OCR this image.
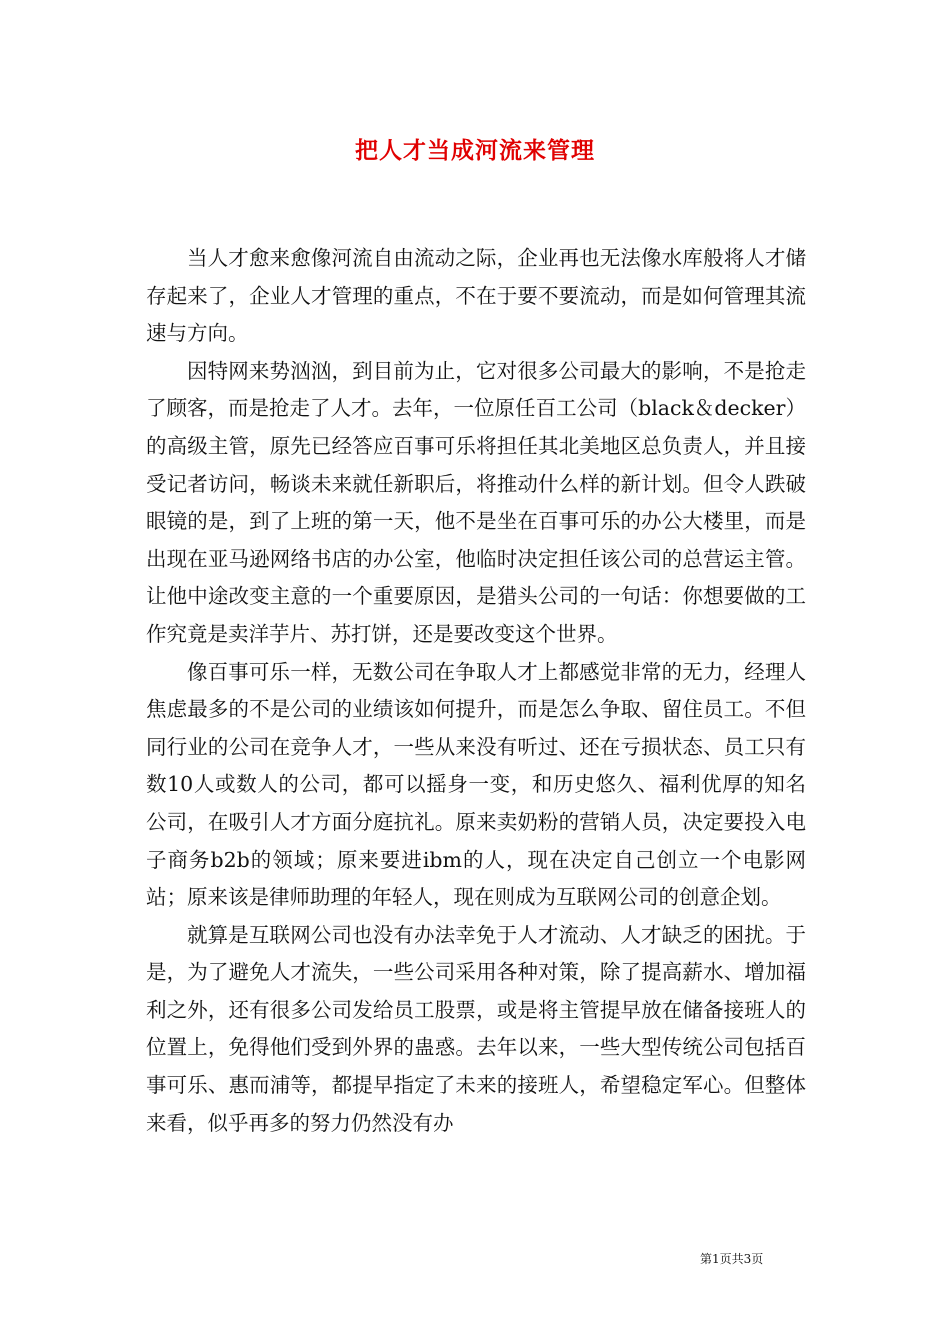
把人才当成河流来管理

当人才愈来愈像河流自由流动之际，企业再也无法像水库般将人才储存起来了，企业人才管理的重点，不在于要不要流动，而是如何管理其流速与方向。

因特网来势汹汹，到目前为止，它对很多公司最大的影响，不是抢走了顾客，而是抢走了人才。去年，一位原任百工公司（black＆decker）的高级主管，原先已经答应百事可乐将担任其北美地区总负责人，并且接受记者访问，畅谈未来就任新职后，将推动什么样的新计划。但令人跌破眼镜的是，到了上班的第一天，他不是坐在百事可乐的办公大楼里，而是出现在亚马逊网络书店的办公室，他临时决定担任该公司的总营运主管。让他中途改变主意的一个重要原因，是猎头公司的一句话：你想要做的工作究竟是卖洋芋片、苏打饼，还是要改变这个世界。

像百事可乐一样，无数公司在争取人才上都感觉非常的无力，经理人焦虑最多的不是公司的业绩该如何提升，而是怎么争取、留住员工。不但同行业的公司在竞争人才，一些从来没有听过、还在亏损状态、员工只有数10人或数人的公司，都可以摇身一变，和历史悠久、福利优厚的知名公司，在吸引人才方面分庭抗礼。原来卖奶粉的营销人员，决定要投入电子商务b2b的领域；原来要进ibm的人，现在决定自己创立一个电影网站；原来该是律师助理的年轻人，现在则成为互联网公司的创意企划。

就算是互联网公司也没有办法幸免于人才流动、人才缺乏的困扰。于是，为了避免人才流失，一些公司采用各种对策，除了提高薪水、增加福利之外，还有很多公司发给员工股票，或是将主管提早放在储备接班人的位置上，免得他们受到外界的蛊惑。去年以来，一些大型传统公司包括百事可乐、惠而浦等，都提早指定了未来的接班人，希望稳定军心。但整体来看，似乎再多的努力仍然没有办

第1页共3页
